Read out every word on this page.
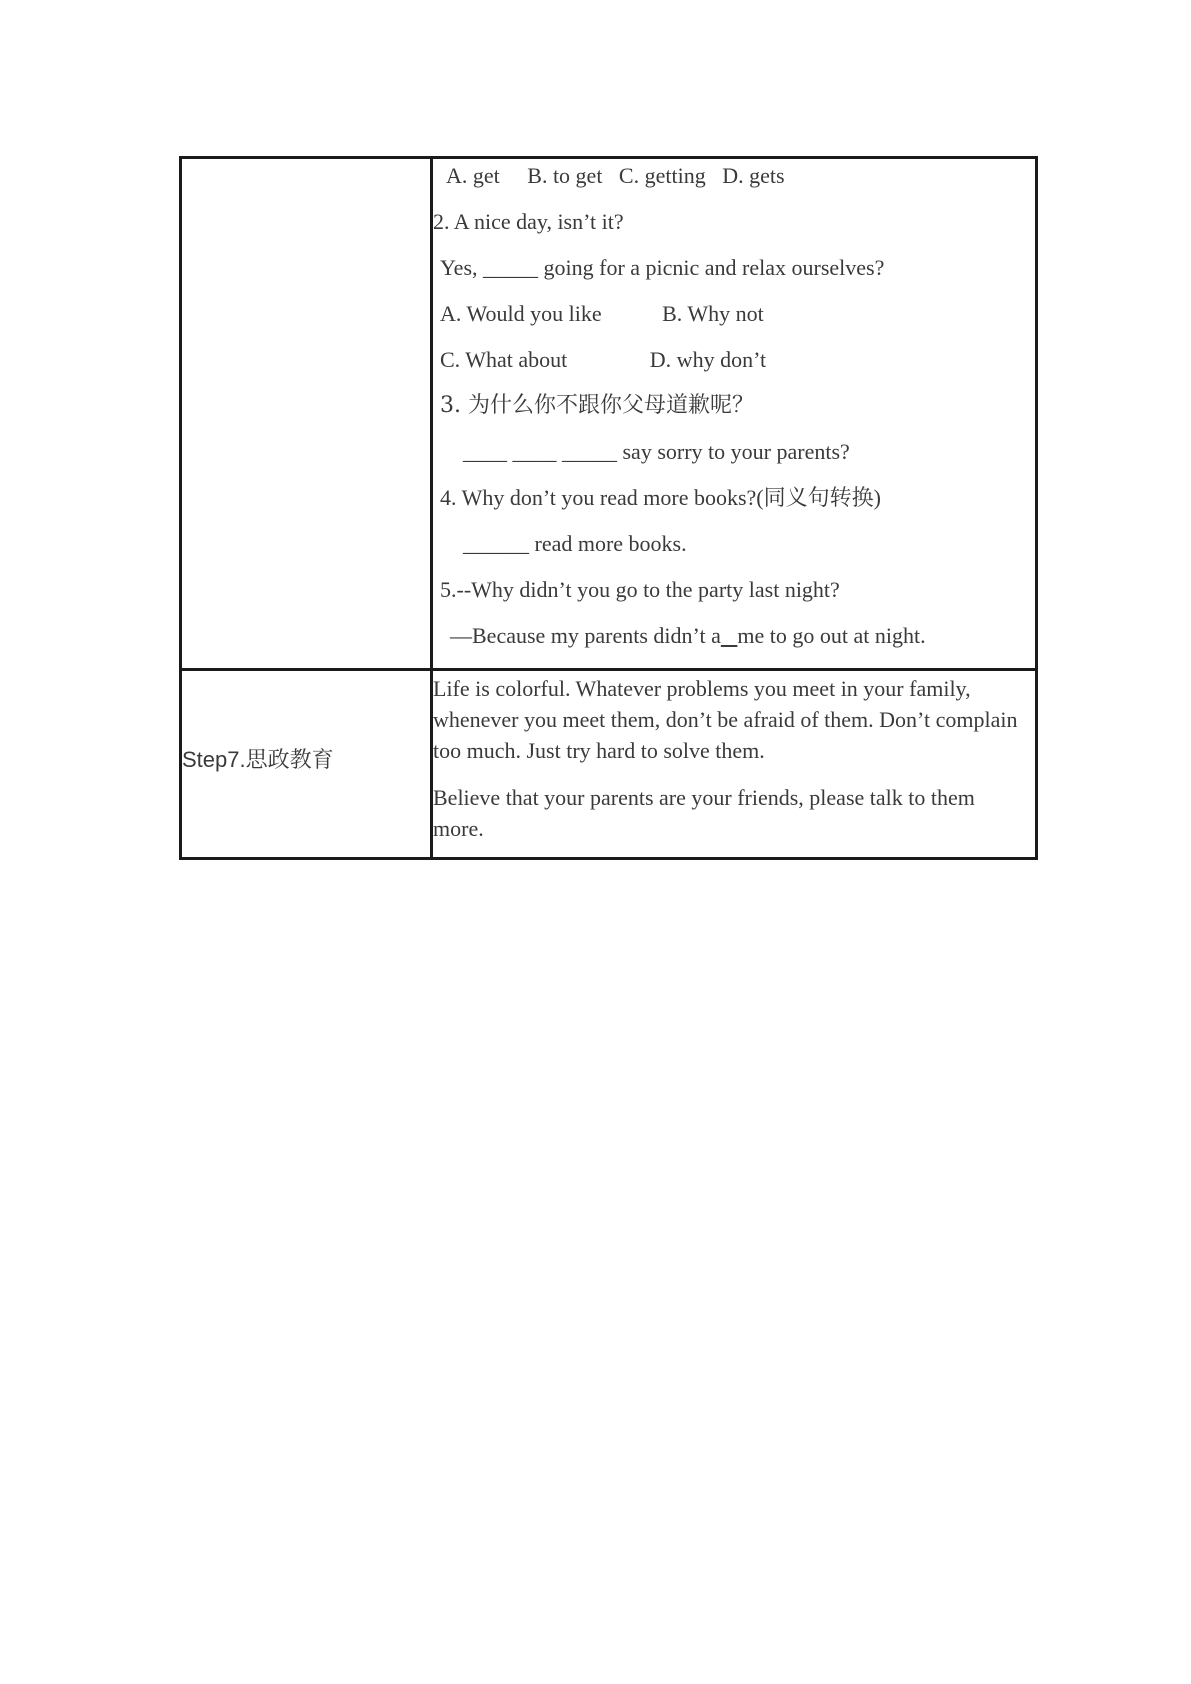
A. get     B. to get   C. getting   D. gets
2. A nice day, isn’t it?
Yes, _____ going for a picnic and relax ourselves?
A. Would you like           B. Why not
C. What about               D. why don’t
3. 为什么你不跟你父母道歉呢？
____ ____ _____ say sorry to your parents?
4. Why don’t you read more books?(同义句转换)
______ read more books.
5.--Why didn’t you go to the party last night?
—Because my parents didn’t a me to go out at night.
Step7.思政教育
Life is colorful. Whatever problems you meet in your family, whenever you meet them, don’t be afraid of them. Don’t complain too much. Just try hard to solve them.
Believe that your parents are your friends, please talk to them more.
